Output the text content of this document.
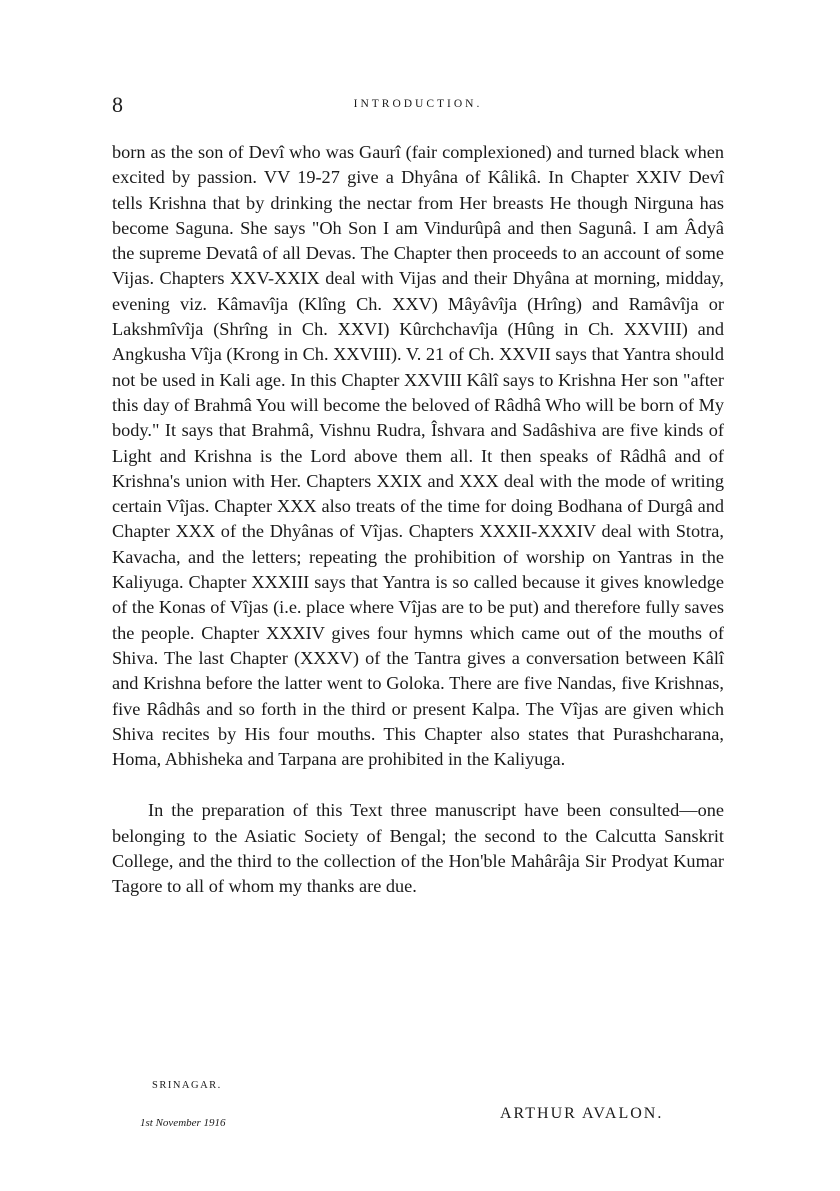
8	INTRODUCTION.

born as the son of Devî who was Gaurî (fair complexioned) and turned black when excited by passion. VV 19-27 give a Dhyâna of Kâlikâ. In Chapter XXIV Devî tells Krishna that by drinking the nectar from Her breasts He though Nirguna has become Saguna. She says "Oh Son I am Vindurûpâ and then Sagunâ. I am Âdyâ the supreme Devatâ of all Devas. The Chapter then proceeds to an account of some Vijas. Chapters XXV-XXIX deal with Vijas and their Dhyâna at morning, midday, evening viz. Kâmavîja (Klîng Ch. XXV) Mâyâvîja (Hrîng) and Ramâvîja or Lakshmîvîja (Shrîng in Ch. XXVI) Kûrchchavîja (Hûng in Ch. XXVIII) and Angkusha Vîja (Krong in Ch. XXVIII). V. 21 of Ch. XXVII says that Yantra should not be used in Kali age. In this Chapter XXVIII Kâlî says to Krishna Her son "after this day of Brahmâ You will become the beloved of Râdhâ Who will be born of My body." It says that Brahmâ, Vishnu Rudra, Îshvara and Sadâshiva are five kinds of Light and Krishna is the Lord above them all. It then speaks of Râdhâ and of Krishna's union with Her. Chapters XXIX and XXX deal with the mode of writing certain Vîjas. Chapter XXX also treats of the time for doing Bodhana of Durgâ and Chapter XXX of the Dhyânas of Vîjas. Chapters XXXII-XXXIV deal with Stotra, Kavacha, and the letters; repeating the prohibition of worship on Yantras in the Kaliyuga. Chapter XXXIII says that Yantra is so called because it gives knowledge of the Konas of Vîjas (i.e. place where Vîjas are to be put) and therefore fully saves the people. Chapter XXXIV gives four hymns which came out of the mouths of Shiva. The last Chapter (XXXV) of the Tantra gives a conversation between Kâlî and Krishna before the latter went to Goloka. There are five Nandas, five Krishnas, five Râdhâs and so forth in the third or present Kalpa. The Vîjas are given which Shiva recites by His four mouths. This Chapter also states that Purashcharana, Homa, Abhisheka and Tarpana are prohibited in the Kaliyuga.

In the preparation of this Text three manuscript have been consulted—one belonging to the Asiatic Society of Bengal; the second to the Calcutta Sanskrit College, and the third to the collection of the Hon'ble Mahârâja Sir Prodyat Kumar Tagore to all of whom my thanks are due.

SRINAGAR.
1st November 1916
ARTHUR AVALON.
